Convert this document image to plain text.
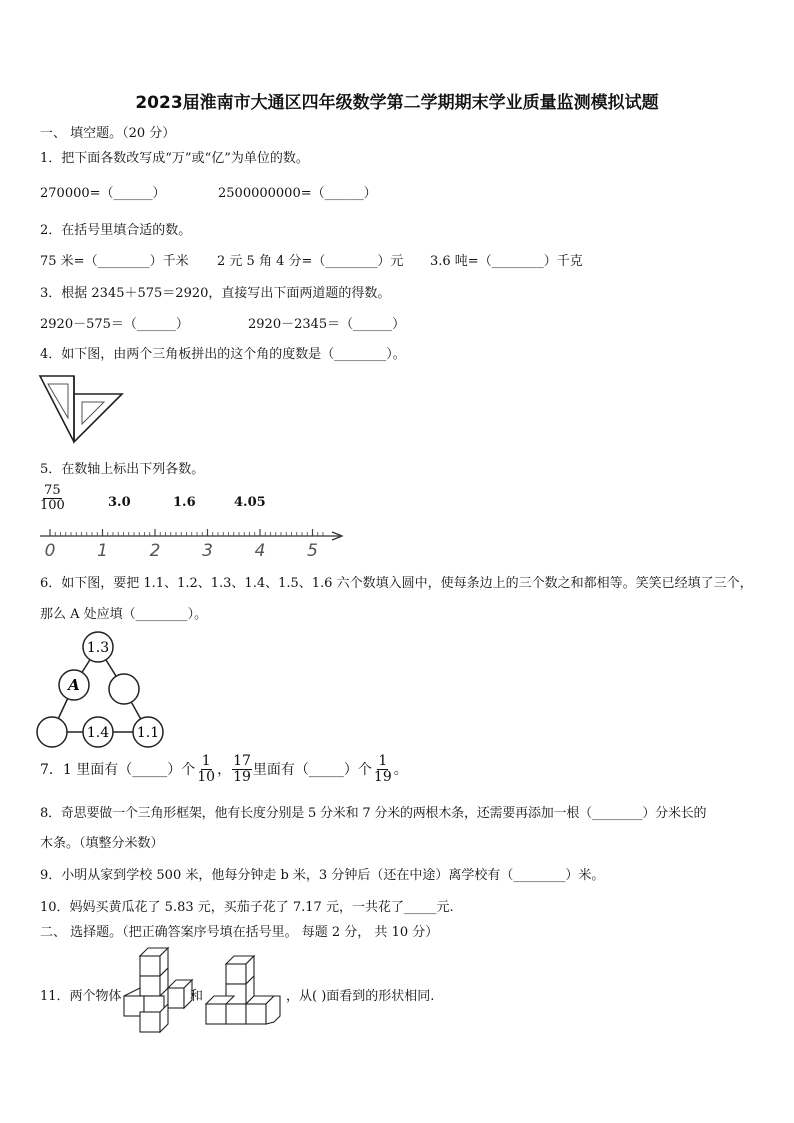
2023届淮南市大通区四年级数学第二学期期末学业质量监测模拟试题
一、 填空题。（20 分）
1．把下面各数改写成“万”或“亿”为单位的数。
270000=（______）	2500000000=（______）
2．在括号里填合适的数。
75 米=（________）千米 2 元 5 角 4 分=（________）元 3.6 吨=（________）千克
3．根据 2345＋575＝2920，直接写出下面两道题的得数。
2920－575＝（______）	2920－2345＝（______）
4．如下图，由两个三角板拼出的这个角的度数是（________）。
5．在数轴上标出下列各数。
$\frac{75}{100}$	3.0	1.6	4.05
0 1 2 3 4 5
6．如下图，要把 1.1、1.2、1.3、1.4、1.5、1.6 六个数填入圆中，使每条边上的三个数之和都相等。笑笑已经填了三个，
那么 A 处应填（________）。
1.3
A
1.4 1.1
7．1 里面有（_____）个 $\frac{1}{10}$ ， $\frac{17}{19}$ 里面有（_____）个 $\frac{1}{19}$ 。
8．奇思要做一个三角形框架，他有长度分别是 5 分米和 7 分米的两根木条，还需要再添加一根（________）分米长的
木条。（填整分米数）
9．小明从家到学校 500 米，他每分钟走 b 米，3 分钟后（还在中途）离学校有（________）米。
10．妈妈买黄瓜花了 5.83 元，买茄子花了 7.17 元，一共花了_____元.
二、 选择题。（把正确答案序号填在括号里。 每题 2 分， 共 10 分）
11．两个物体	和	，从( )面看到的形状相同.
